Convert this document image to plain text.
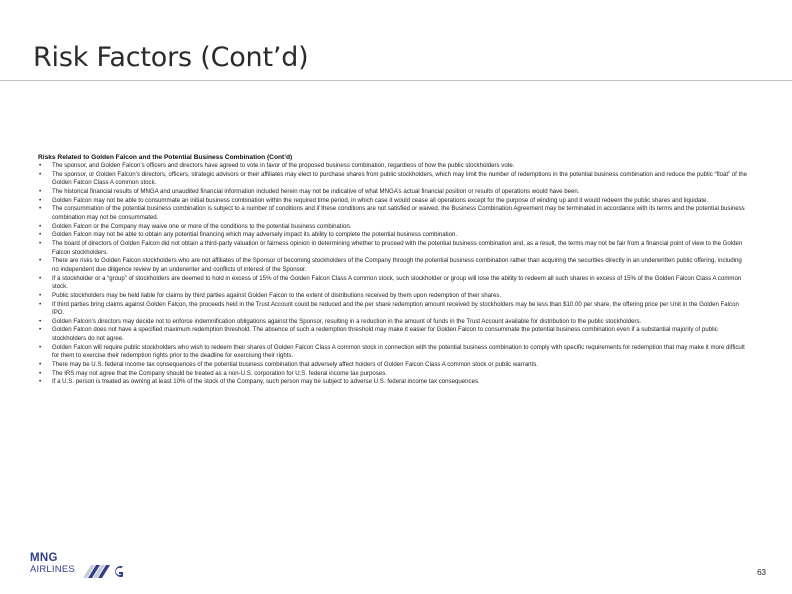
Risk Factors (Cont’d)
Risks Related to Golden Falcon and the Potential Business Combination (Cont’d)
• The sponsor, and Golden Falcon’s officers and directors have agreed to vote in favor of the proposed business combination, regardless of how the public stockholders vote.
• The sponsor, or Golden Falcon’s directors, officers, strategic advisors or their affiliates may elect to purchase shares from public stockholders, which may limit the number of redemptions in the potential business combination and reduce the public “float” of the Golden Falcon Class A common stock.
• The historical financial results of MNGA and unaudited financial information included herein may not be indicative of what MNGA’s actual financial position or results of operations would have been.
• Golden Falcon may not be able to consummate an initial business combination within the required time period, in which case it would cease all operations except for the purpose of winding up and it would redeem the public shares and liquidate.
• The consummation of the potential business combination is subject to a number of conditions and if these conditions are not satisfied or waived, the Business Combination Agreement may be terminated in accordance with its terms and the potential business combination may not be consummated.
• Golden Falcon or the Company may waive one or more of the conditions to the potential business combination.
• Golden Falcon may not be able to obtain any potential financing which may adversely impact its ability to complete the potential business combination.
• The board of directors of Golden Falcon did not obtain a third-party valuation or fairness opinion in determining whether to proceed with the potential business combination and, as a result, the terms may not be fair from a financial point of view to the Golden Falcon stockholders.
• There are risks to Golden Falcon stockholders who are not affiliates of the Sponsor of becoming stockholders of the Company through the potential business combination rather than acquiring the securities directly in an underwritten public offering, including no independent due diligence review by an underwriter and conflicts of interest of the Sponsor.
• If a stockholder or a “group” of stockholders are deemed to hold in excess of 15% of the Golden Falcon Class A common stock, such stockholder or group will lose the ability to redeem all such shares in excess of 15% of the Golden Falcon Class A common stock.
• Public stockholders may be held liable for claims by third parties against Golden Falcon to the extent of distributions received by them upon redemption of their shares.
• If third parties bring claims against Golden Falcon, the proceeds held in the Trust Account could be reduced and the per share redemption amount received by stockholders may be less than $10.00 per share, the offering price per Unit in the Golden Falcon IPO.
• Golden Falcon’s directors may decide not to enforce indemnification obligations against the Sponsor, resulting in a reduction in the amount of funds in the Trust Account available for distribution to the public stockholders.
• Golden Falcon does not have a specified maximum redemption threshold. The absence of such a redemption threshold may make it easier for Golden Falcon to consummate the potential business combination even if a substantial majority of public stockholders do not agree.
• Golden Falcon will require public stockholders who wish to redeem their shares of Golden Falcon Class A common stock in connection with the potential business combination to comply with specific requirements for redemption that may make it more difficult for them to exercise their redemption rights prior to the deadline for exercising their rights.
• There may be U.S. federal income tax consequences of the potential business combination that adversely affect holders of Golden Falcon Class A common stock or public warrants.
• The IRS may not agree that the Company should be treated as a non-U.S. corporation for U.S. federal income tax purposes.
• If a U.S. person is treated as owning at least 10% of the stock of the Company, such person may be subject to adverse U.S. federal income tax consequences.
MNG
AIRLINES	63
